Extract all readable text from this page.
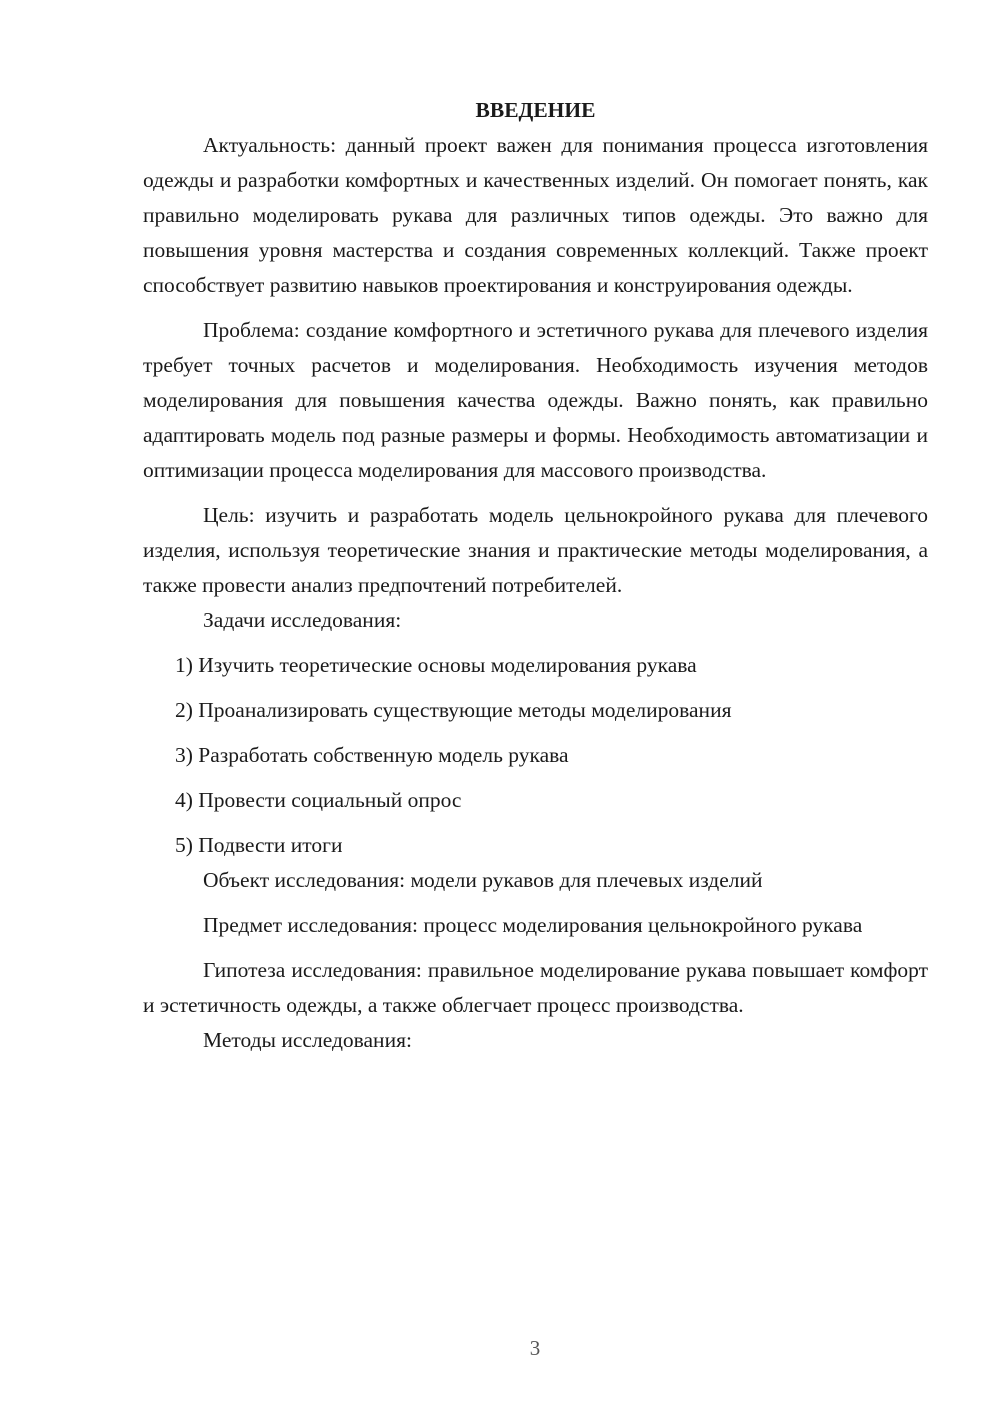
ВВЕДЕНИЕ

Актуальность: данный проект важен для понимания процесса изготовления одежды и разработки комфортных и качественных изделий. Он помогает понять, как правильно моделировать рукава для различных типов одежды. Это важно для повышения уровня мастерства и создания современных коллекций. Также проект способствует развитию навыков проектирования и конструирования одежды.

Проблема: создание комфортного и эстетичного рукава для плечевого изделия требует точных расчетов и моделирования. Необходимость изучения методов моделирования для повышения качества одежды. Важно понять, как правильно адаптировать модель под разные размеры и формы. Необходимость автоматизации и оптимизации процесса моделирования для массового производства.

Цель: изучить и разработать модель цельнокройного рукава для плечевого изделия, используя теоретические знания и практические методы моделирования, а также провести анализ предпочтений потребителей.

Задачи исследования:

1) Изучить теоретические основы моделирования рукава
2) Проанализировать существующие методы моделирования
3) Разработать собственную модель рукава
4) Провести социальный опрос
5) Подвести итоги

Объект исследования: модели рукавов для плечевых изделий

Предмет исследования: процесс моделирования цельнокройного рукава

Гипотеза исследования: правильное моделирование рукава повышает комфорт и эстетичность одежды, а также облегчает процесс производства.

Методы исследования:

3
